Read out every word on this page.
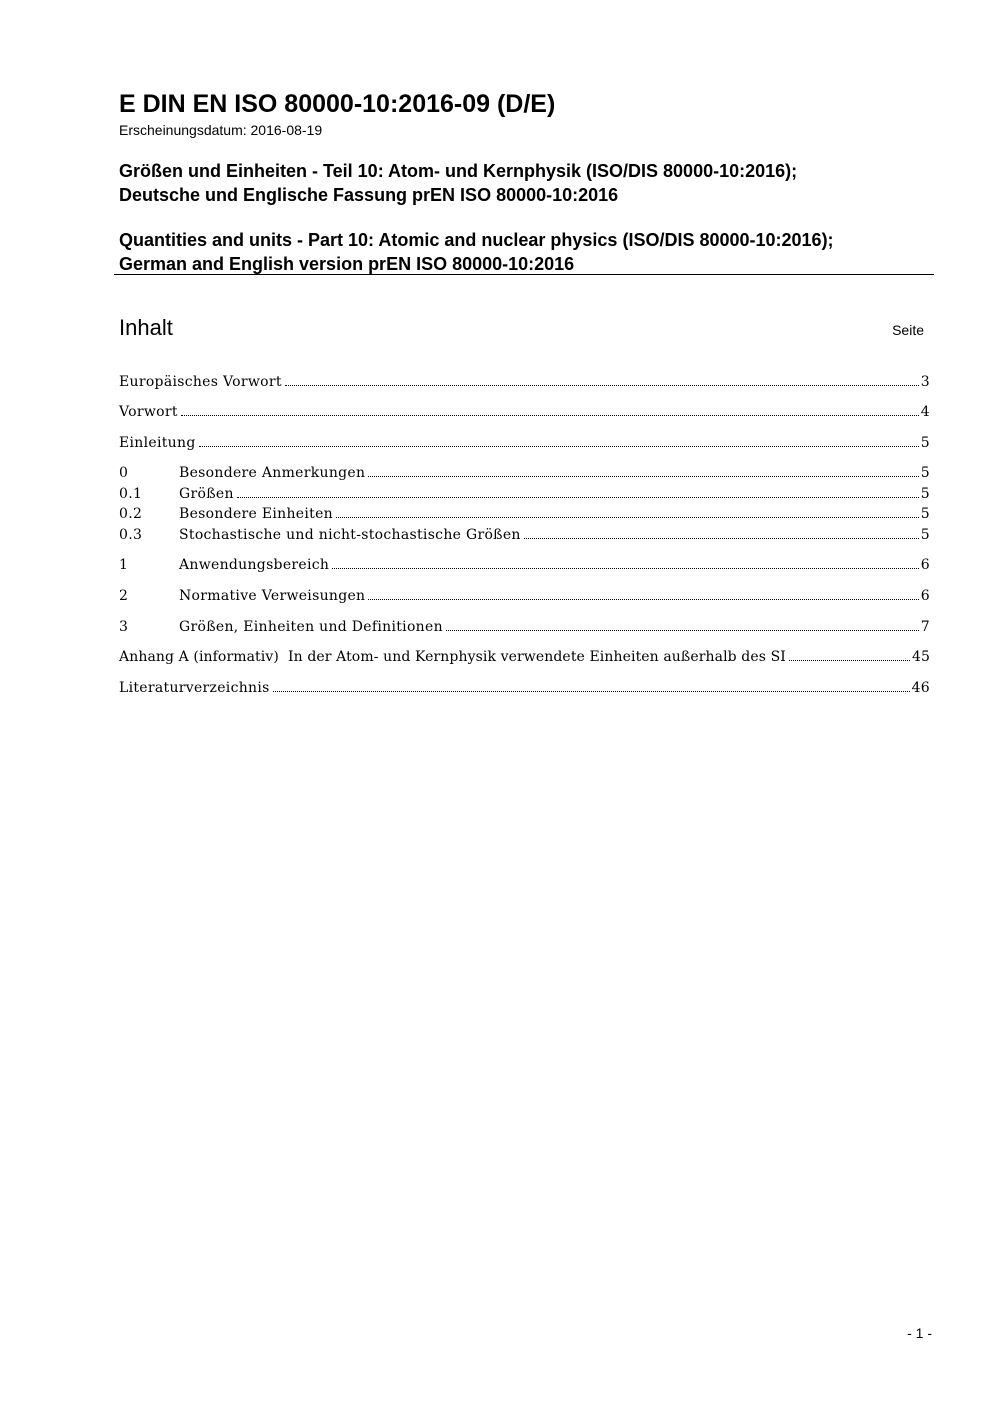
E DIN EN ISO 80000-10:2016-09 (D/E)
Erscheinungsdatum: 2016-08-19
Größen und Einheiten - Teil 10: Atom- und Kernphysik (ISO/DIS 80000-10:2016);
Deutsche und Englische Fassung prEN ISO 80000-10:2016
Quantities and units - Part 10: Atomic and nuclear physics (ISO/DIS 80000-10:2016);
German and English version prEN ISO 80000-10:2016
Inhalt	Seite
Europäisches Vorwort	3
Vorwort	4
Einleitung	5
0	Besondere Anmerkungen	5
0.1	Größen	5
0.2	Besondere Einheiten	5
0.3	Stochastische und nicht-stochastische Größen	5
1	Anwendungsbereich	6
2	Normative Verweisungen	6
3	Größen, Einheiten und Definitionen	7
Anhang A (informativ)  In der Atom- und Kernphysik verwendete Einheiten außerhalb des SI	45
Literaturverzeichnis	46
- 1 -
